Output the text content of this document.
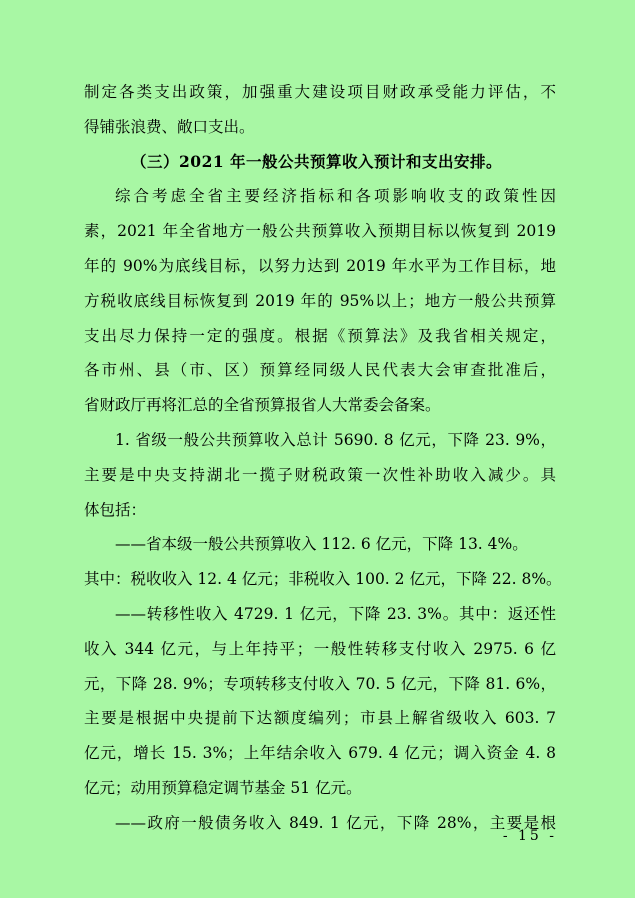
制定各类支出政策，加强重大建设项目财政承受能力评估，不
得铺张浪费、敞口支出。
（三）2021 年一般公共预算收入预计和支出安排。
综合考虑全省主要经济指标和各项影响收支的政策性因
素，2021 年全省地方一般公共预算收入预期目标以恢复到 2019
年的 90%为底线目标，以努力达到 2019 年水平为工作目标，地
方税收底线目标恢复到 2019 年的 95%以上；地方一般公共预算
支出尽力保持一定的强度。根据《预算法》及我省相关规定，
各市州、县（市、区）预算经同级人民代表大会审查批准后，
省财政厅再将汇总的全省预算报省人大常委会备案。
1. 省级一般公共预算收入总计 5690. 8 亿元，下降 23. 9%，
主要是中央支持湖北一揽子财税政策一次性补助收入减少。具
体包括：
——省本级一般公共预算收入 112. 6 亿元，下降 13. 4%。
其中：税收收入 12. 4 亿元；非税收入 100. 2 亿元，下降 22. 8%。
——转移性收入 4729. 1 亿元，下降 23. 3%。其中：返还性
收入 344 亿元，与上年持平；一般性转移支付收入 2975. 6 亿
元，下降 28. 9%；专项转移支付收入 70. 5 亿元，下降 81. 6%，
主要是根据中央提前下达额度编列；市县上解省级收入 603. 7
亿元，增长 15. 3%；上年结余收入 679. 4 亿元；调入资金 4. 8
亿元；动用预算稳定调节基金 51 亿元。
——政府一般债务收入 849. 1 亿元，下降 28%，主要是根
- 15 -
